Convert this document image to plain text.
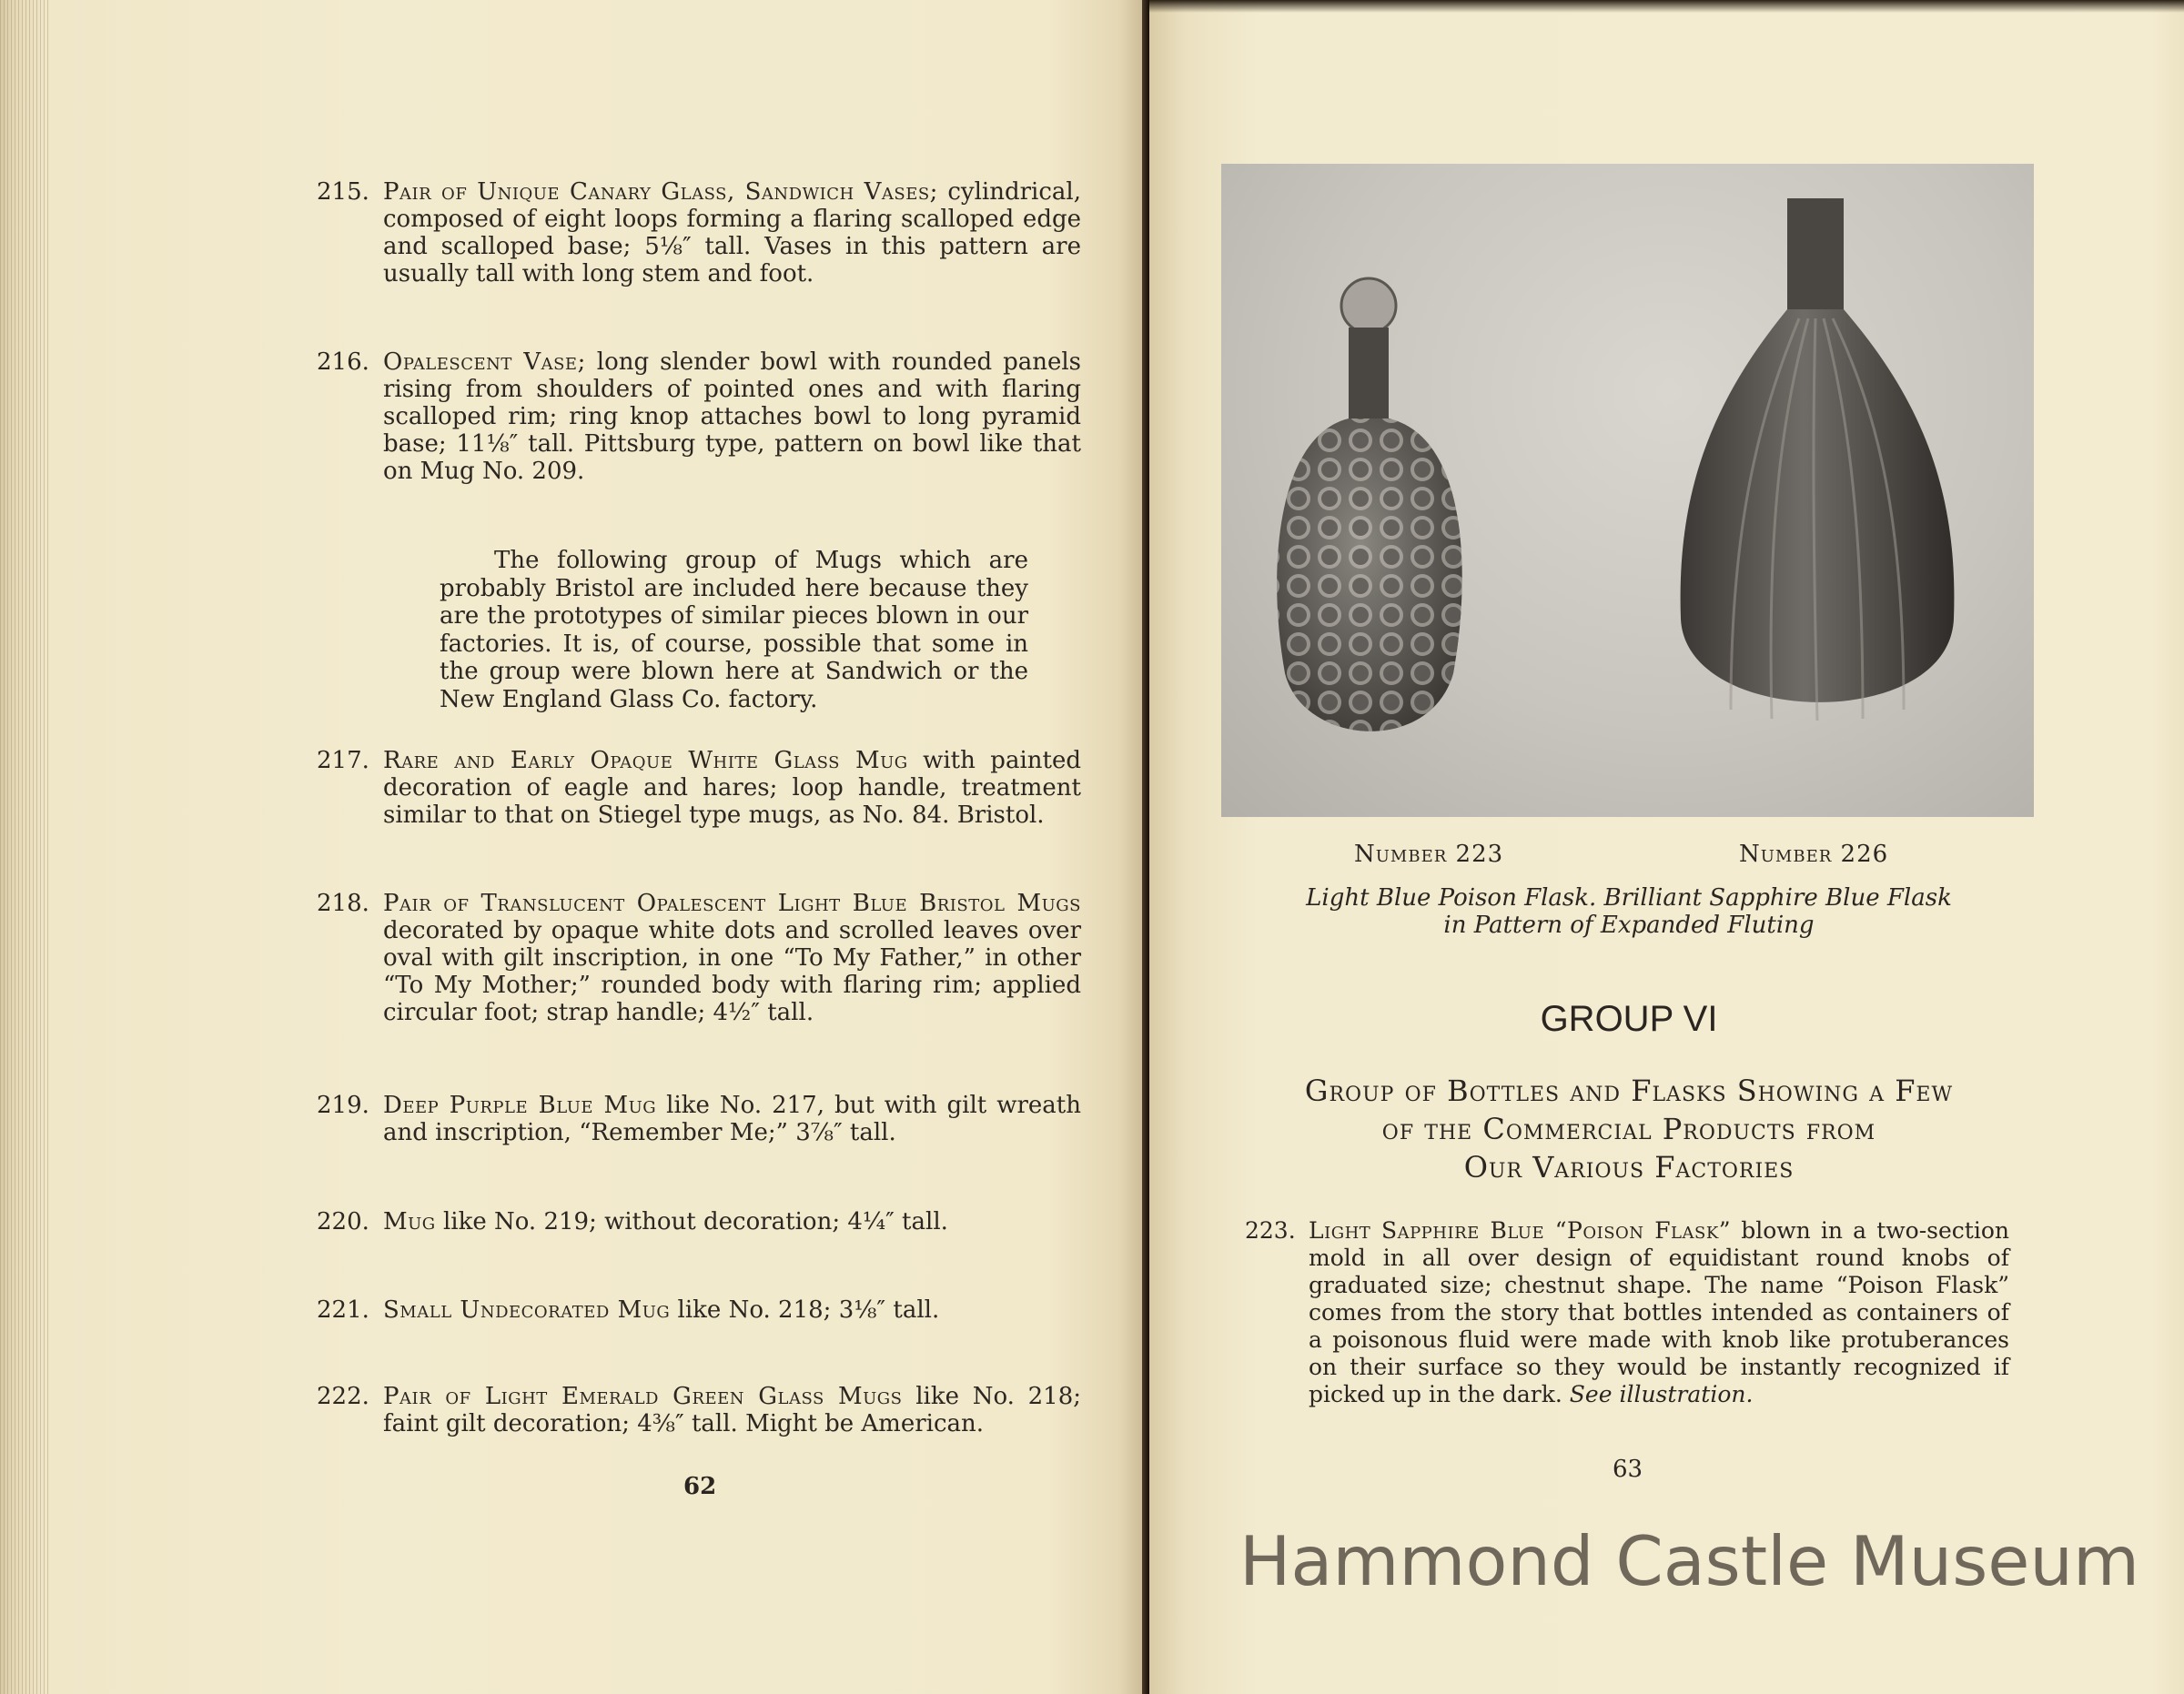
215. Pair of Unique Canary Glass, Sandwich Vases; cylindrical, composed of eight loops forming a flaring scalloped edge and scalloped base; 5⅛″ tall. Vases in this pattern are usually tall with long stem and foot.
216. Opalescent Vase; long slender bowl with rounded panels rising from shoulders of pointed ones and with flaring scalloped rim; ring knop attaches bowl to long pyramid base; 11⅛″ tall. Pittsburg type, pattern on bowl like that on Mug No. 209.
The following group of Mugs which are probably Bristol are included here because they are the prototypes of similar pieces blown in our factories. It is, of course, possible that some in the group were blown here at Sandwich or the New England Glass Co. factory.
217. Rare and Early Opaque White Glass Mug with painted decoration of eagle and hares; loop handle, treatment similar to that on Stiegel type mugs, as No. 84. Bristol.
218. Pair of Translucent Opalescent Light Blue Bristol Mugs decorated by opaque white dots and scrolled leaves over oval with gilt inscription, in one “To My Father,” in other “To My Mother;” rounded body with flaring rim; applied circular foot; strap handle; 4½″ tall.
219. Deep Purple Blue Mug like No. 217, but with gilt wreath and inscription, “Remember Me;” 3⅞″ tall.
220. Mug like No. 219; without decoration; 4¼″ tall.
221. Small Undecorated Mug like No. 218; 3⅛″ tall.
222. Pair of Light Emerald Green Glass Mugs like No. 218; faint gilt decoration; 4⅜″ tall. Might be American.
62
Number 223	Number 226
Light Blue Poison Flask. Brilliant Sapphire Blue Flask
in Pattern of Expanded Fluting
GROUP VI
Group of Bottles and Flasks Showing a Few
of the Commercial Products from
Our Various Factories
223. Light Sapphire Blue “Poison Flask” blown in a two-section mold in all over design of equidistant round knobs of graduated size; chestnut shape. The name “Poison Flask” comes from the story that bottles intended as containers of a poisonous fluid were made with knob like protuberances on their surface so they would be instantly recognized if picked up in the dark. See illustration.
63
Hammond Castle Museum
